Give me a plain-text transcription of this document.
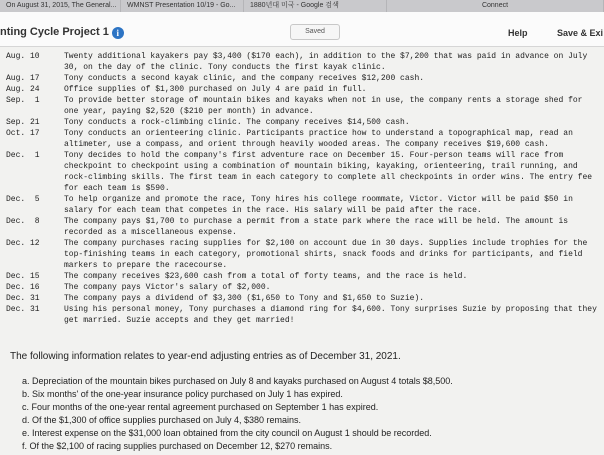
On August 31, 2015, The General...	WMNST Presentation 10/19 - Go...	1880년대 미국 - Google 검색	Connect
nting Cycle Project 1 i	Saved	Help	Save & Exi
Aug. 10	Twenty additional kayakers pay $3,400 ($170 each), in addition to the $7,200 that was paid in advance on July 30, on the day of the clinic. Tony conducts the first kayak clinic.
Aug. 17	Tony conducts a second kayak clinic, and the company receives $12,200 cash.
Aug. 24	Office supplies of $1,300 purchased on July 4 are paid in full.
Sep.  1	To provide better storage of mountain bikes and kayaks when not in use, the company rents a storage shed for one year, paying $2,520 ($210 per month) in advance.
Sep. 21	Tony conducts a rock-climbing clinic. The company receives $14,500 cash.
Oct. 17	Tony conducts an orienteering clinic. Participants practice how to understand a topographical map, read an altimeter, use a compass, and orient through heavily wooded areas. The company receives $19,600 cash.
Dec.  1	Tony decides to hold the company's first adventure race on December 15. Four-person teams will race from checkpoint to checkpoint using a combination of mountain biking, kayaking, orienteering, trail running, and rock-climbing skills. The first team in each category to complete all checkpoints in order wins. The entry fee for each team is $590.
Dec.  5	To help organize and promote the race, Tony hires his college roommate, Victor. Victor will be paid $50 in salary for each team that competes in the race. His salary will be paid after the race.
Dec.  8	The company pays $1,700 to purchase a permit from a state park where the race will be held. The amount is recorded as a miscellaneous expense.
Dec. 12	The company purchases racing supplies for $2,100 on account due in 30 days. Supplies include trophies for the top-finishing teams in each category, promotional shirts, snack foods and drinks for participants, and field markers to prepare the racecourse.
Dec. 15	The company receives $23,600 cash from a total of forty teams, and the race is held.
Dec. 16	The company pays Victor's salary of $2,000.
Dec. 31	The company pays a dividend of $3,300 ($1,650 to Tony and $1,650 to Suzie).
Dec. 31	Using his personal money, Tony purchases a diamond ring for $4,600. Tony surprises Suzie by proposing that they get married. Suzie accepts and they get married!
The following information relates to year-end adjusting entries as of December 31, 2021.
a. Depreciation of the mountain bikes purchased on July 8 and kayaks purchased on August 4 totals $8,500.
b. Six months' of the one-year insurance policy purchased on July 1 has expired.
c. Four months of the one-year rental agreement purchased on September 1 has expired.
d. Of the $1,300 of office supplies purchased on July 4, $380 remains.
e. Interest expense on the $31,000 loan obtained from the city council on August 1 should be recorded.
f. Of the $2,100 of racing supplies purchased on December 12, $270 remains.
